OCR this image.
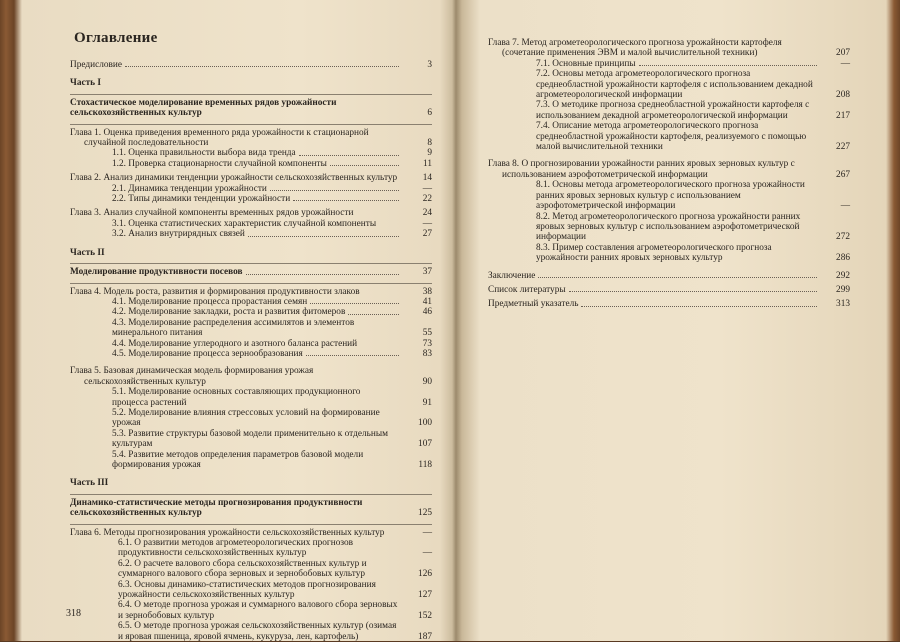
Оглавление
Предисловие	3
Часть I
Стохастическое моделирование временных рядов урожайности сельскохозяйственных культур	6
Глава 1. Оценка приведения временного ряда урожайности к стационарной случайной последовательности	8
1.1. Оценка правильности выбора вида тренда	9
1.2. Проверка стационарности случайной компоненты	11
Глава 2. Анализ динамики тенденции урожайности сельскохозяйственных культур	14
2.1. Динамика тенденции урожайности	—
2.2. Типы динамики тенденции урожайности	22
Глава 3. Анализ случайной компоненты временных рядов урожайности	24
3.1. Оценка статистических характеристик случайной компоненты	—
3.2. Анализ внутрирядных связей	27
Часть II
Моделирование продуктивности посевов	37
Глава 4. Модель роста, развития и формирования продуктивности злаков	38
4.1. Моделирование процесса прорастания семян	41
4.2. Моделирование закладки, роста и развития фитомеров	46
4.3. Моделирование распределения ассимилятов и элементов минерального питания	55
4.4. Моделирование углеродного и азотного баланса растений	73
4.5. Моделирование процесса зернообразования	83
Глава 5. Базовая динамическая модель формирования урожая сельскохозяйственных культур	90
5.1. Моделирование основных составляющих продукционного процесса растений	91
5.2. Моделирование влияния стрессовых условий на формирование урожая	100
5.3. Развитие структуры базовой модели применительно к отдельным культурам	107
5.4. Развитие методов определения параметров базовой модели формирования урожая	118
Часть III
Динамико-статистические методы прогнозирования продуктивности сельскохозяйственных культур	125
Глава 6. Методы прогнозирования урожайности сельскохозяйственных культур	—
6.1. О развитии методов агрометеорологических прогнозов продуктивности сельскохозяйственных культур	—
6.2. О расчете валового сбора сельскохозяйственных культур и суммарного валового сбора зерновых и зернобобовых культур	126
6.3. Основы динамико-статистических методов прогнозирования урожайности сельскохозяйственных культур	127
6.4. О методе прогноза урожая и суммарного валового сбора зерновых и зернобобовых культур	152
6.5. О методе прогноза урожая сельскохозяйственных культур (озимая и яровая пшеница, яровой ячмень, кукуруза, лен, картофель)	187
318
Глава 7. Метод агрометеорологического прогноза урожайности картофеля (сочетание применения ЭВМ и малой вычислительной техники)	207
7.1. Основные принципы	—
7.2. Основы метода агрометеорологического прогноза среднеобластной урожайности картофеля с использованием декадной агрометеорологической информации	208
7.3. О методике прогноза среднеобластной урожайности картофеля с использованием декадной агрометеорологической информации	217
7.4. Описание метода агрометеорологического прогноза среднеобластной урожайности картофеля, реализуемого с помощью малой вычислительной техники	227
Глава 8. О прогнозировании урожайности ранних яровых зерновых культур с использованием аэрофотометрической информации	267
8.1. Основы метода агрометеорологического прогноза урожайности ранних яровых зерновых культур с использованием аэрофотометрической информации	—
8.2. Метод агрометеорологического прогноза урожайности ранних яровых зерновых культур с использованием аэрофотометрической информации	272
8.3. Пример составления агрометеорологического прогноза урожайности ранних яровых зерновых культур	286
Заключение	292
Список литературы	299
Предметный указатель	313
